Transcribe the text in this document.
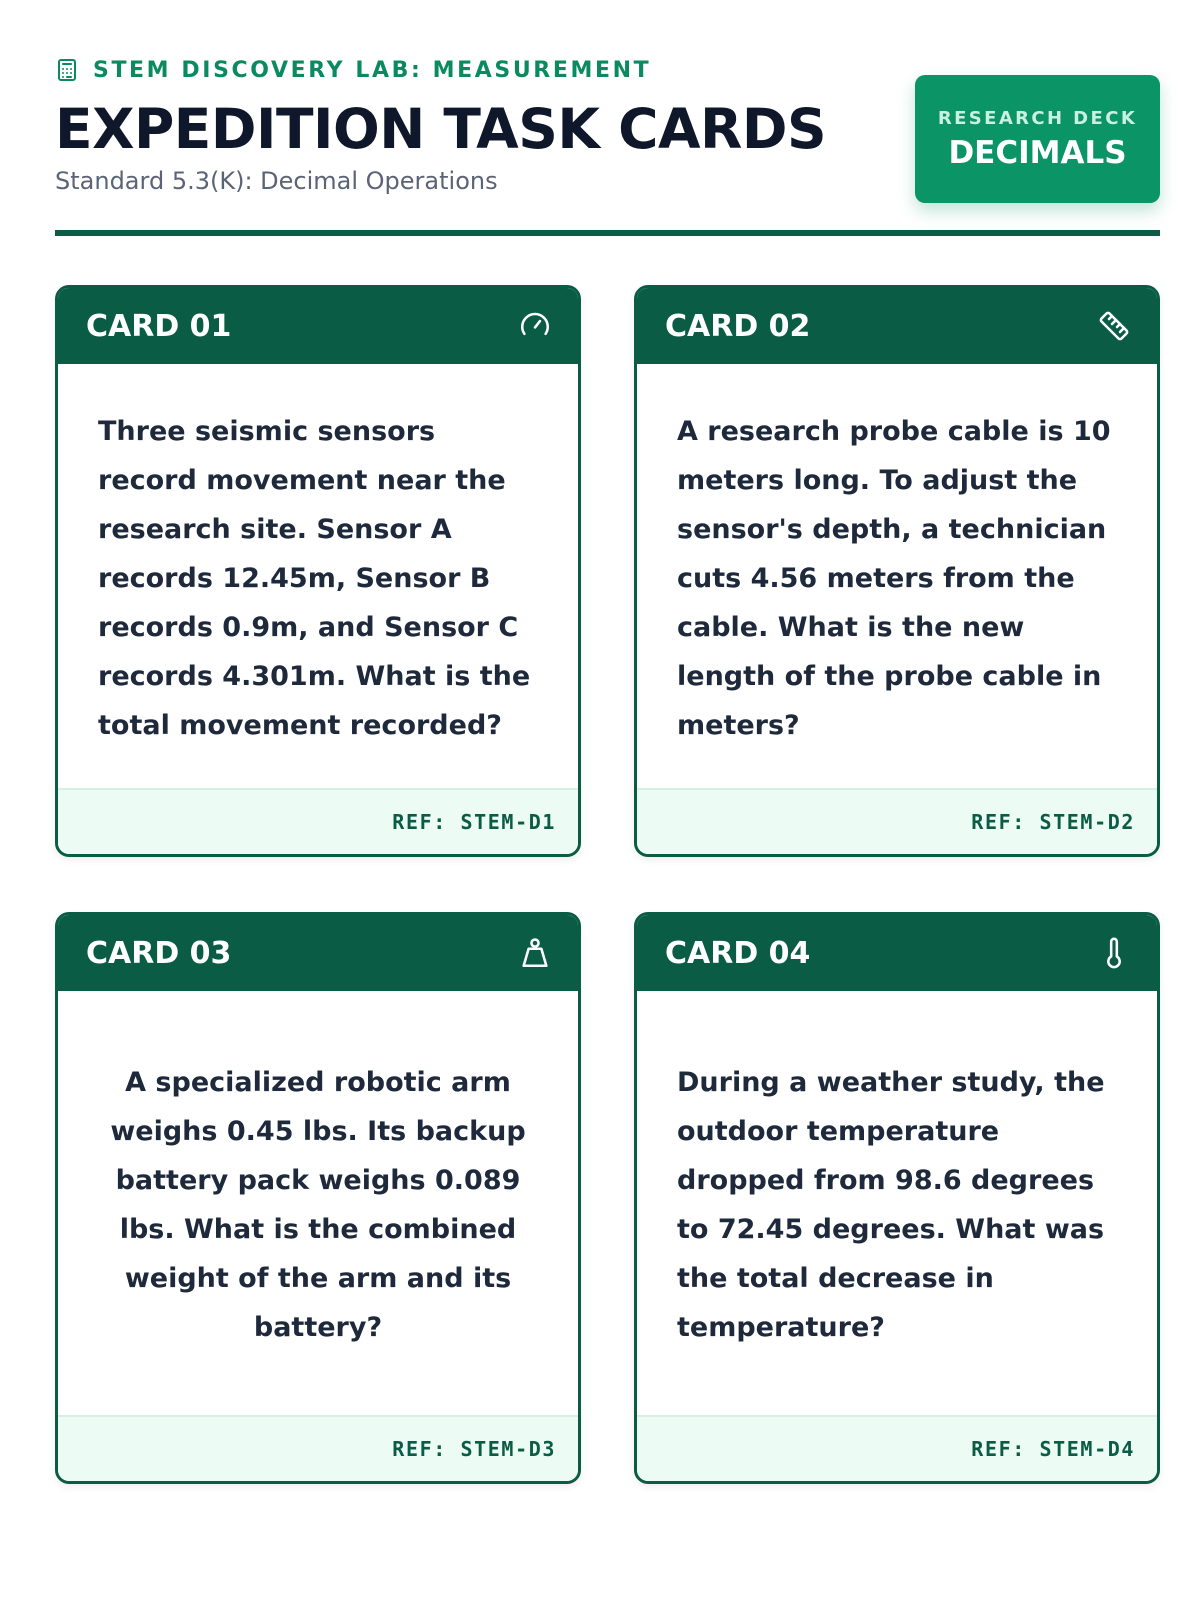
STEM DISCOVERY LAB: MEASUREMENT
EXPEDITION TASK CARDS
Standard 5.3(K): Decimal Operations
RESEARCH DECK
DECIMALS
CARD 01

Three seismic sensors record movement near the research site. Sensor A records 12.45m, Sensor B records 0.9m, and Sensor C records 4.301m. What is the total movement recorded?

REF: STEM-D1
CARD 02

A research probe cable is 10 meters long. To adjust the sensor's depth, a technician cuts 4.56 meters from the cable. What is the new length of the probe cable in meters?

REF: STEM-D2
CARD 03

A specialized robotic arm weighs 0.45 lbs. Its backup battery pack weighs 0.089 lbs. What is the combined weight of the arm and its battery?

REF: STEM-D3
CARD 04

During a weather study, the outdoor temperature dropped from 98.6 degrees to 72.45 degrees. What was the total decrease in temperature?

REF: STEM-D4
